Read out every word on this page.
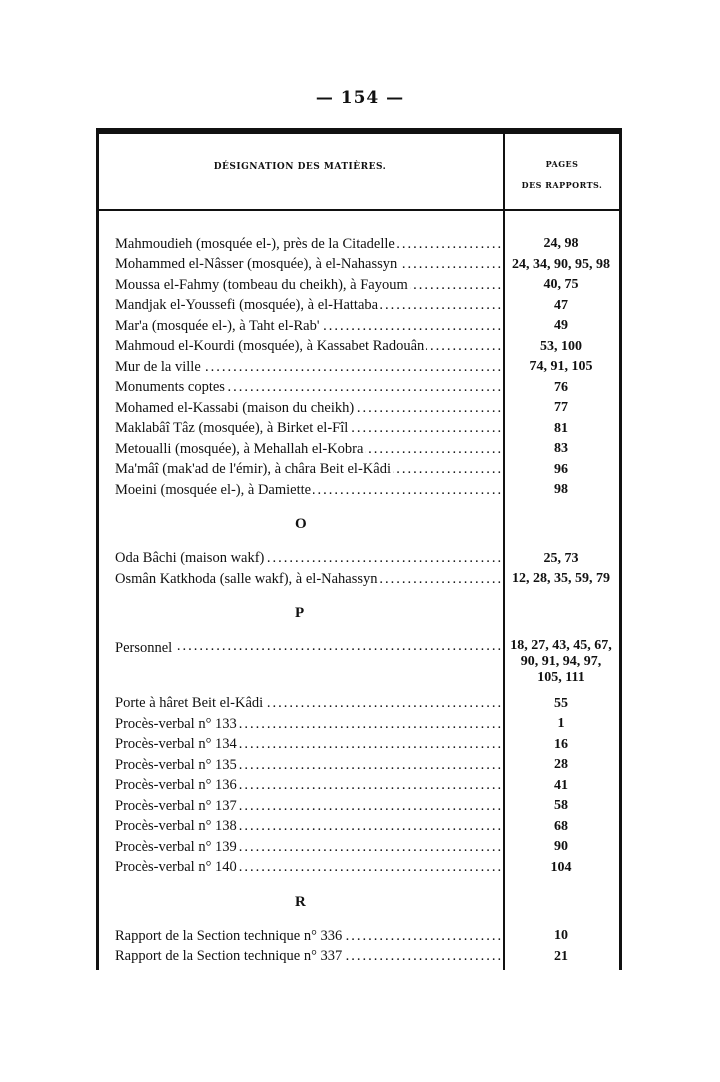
— 154 —
DÉSIGNATION DES MATIÈRES.	PAGES
DES RAPPORTS.
Mahmoudieh (mosquée el-), près de la Citadelle .....	24, 98
Mohammed el-Nâsser (mosquée), à el-Nahassyn .....	24, 34, 90, 95, 98
Moussa el-Fahmy (tombeau du cheikh), à Fayoum .....	40, 75
Mandjak el-Youssefi (mosquée), à el-Hattaba .....	47
Mar'a (mosquée el-), à Taht el-Rab' .....	49
Mahmoud el-Kourdi (mosquée), à Kassabet Radouân .....	53, 100
Mur de la ville .....	74, 91, 105
Monuments coptes .....	76
Mohamed el-Kassabi (maison du cheikh) .....	77
Maklabâî Tâz (mosquée), à Birket el-Fîl .....	81
Metoualli (mosquée), à Mehallah el-Kobra .....	83
Ma'mâî (mak'ad de l'émir), à châra Beit el-Kâdi .....	96
Moeini (mosquée el-), à Damiette .....	98
O
Oda Bâchi (maison wakf) .....	25, 73
Osmân Katkhoda (salle wakf), à el-Nahassyn .....	12, 28, 35, 59, 79
P
Personnel .....	18, 27, 43, 45, 67,
90, 91, 94, 97,
105, 111
Porte à hâret Beit el-Kâdi .....	55
Procès-verbal n° 133 .....	1
Procès-verbal n° 134 .....	16
Procès-verbal n° 135 .....	28
Procès-verbal n° 136 .....	41
Procès-verbal n° 137 .....	58
Procès-verbal n° 138 .....	68
Procès-verbal n° 139 .....	90
Procès-verbal n° 140 .....	104
R
Rapport de la Section technique n° 336 .....	10
Rapport de la Section technique n° 337 .....	21
